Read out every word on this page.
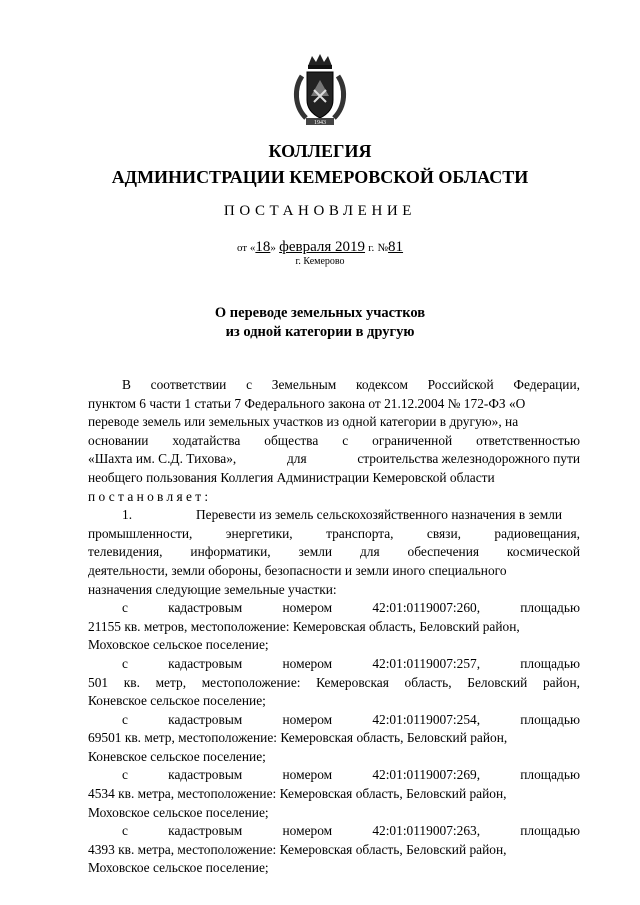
1943
КОЛЛЕГИЯ
АДМИНИСТРАЦИИ КЕМЕРОВСКОЙ ОБЛАСТИ
ПОСТАНОВЛЕНИЕ
от «18» февраля 2019 г. №81
г. Кемерово
О переводе земельных участков
из одной категории в другую
В соответствии с Земельным кодексом Российской Федерации,
пунктом 6 части 1 статьи 7 Федерального закона от 21.12.2004 № 172-ФЗ «О
переводе земель или земельных участков из одной категории в другую», на
основании ходатайства общества с ограниченной ответственностью
«Шахта им. С.Д. Тихова»,	для	строительства железнодорожного пути
необщего пользования Коллегия Администрации Кемеровской области
постановляет:
1.	Перевести из земель сельскохозяйственного назначения в земли
промышленности, энергетики, транспорта, связи, радиовещания,
телевидения, информатики, земли для обеспечения космической
деятельности, земли обороны, безопасности и земли иного специального
назначения следующие земельные участки:
с	кадастровым	номером	42:01:0119007:260,	площадью
21155 кв. метров, местоположение: Кемеровская область, Беловский район,
Моховское сельское поселение;
с	кадастровым	номером	42:01:0119007:257,	площадью
501 кв. метр, местоположение: Кемеровская область, Беловский район,
Коневское сельское поселение;
с	кадастровым	номером	42:01:0119007:254,	площадью
69501 кв. метр, местоположение: Кемеровская область, Беловский район,
Коневское сельское поселение;
с	кадастровым	номером	42:01:0119007:269,	площадью
4534 кв. метра, местоположение: Кемеровская область, Беловский район,
Моховское сельское поселение;
с	кадастровым	номером	42:01:0119007:263,	площадью
4393 кв. метра, местоположение: Кемеровская область, Беловский район,
Моховское сельское поселение;
